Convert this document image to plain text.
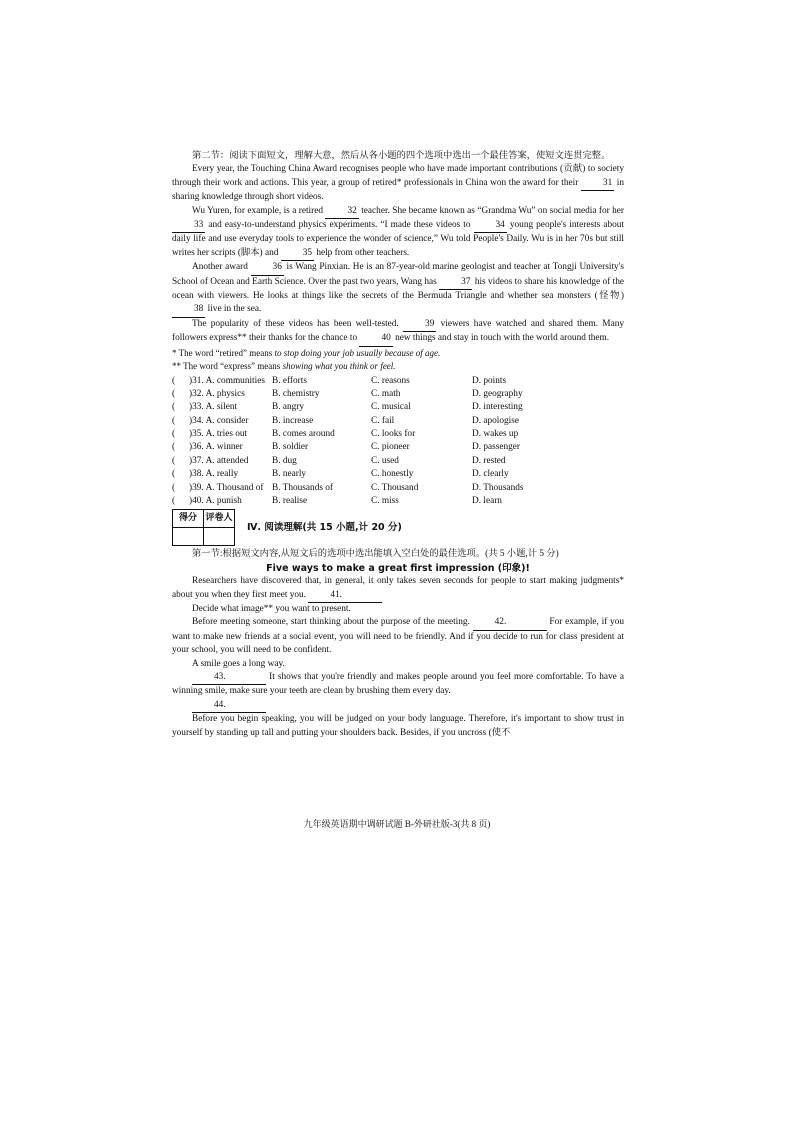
第二节：阅读下面短文，理解大意，然后从各小题的四个选项中选出一个最佳答案，使短文连贯完整。

Every year, the Touching China Award recognises people who have made important contributions (贡献) to society through their work and actions. This year, a group of retired* professionals in China won the award for their	31 in sharing knowledge through short videos.

Wu Yuren, for example, is a retired	32 teacher. She became known as “Grandma Wu” on social media for her 33 and easy-to-understand physics experiments. “I made these videos to	34 young people's interests about daily life and use everyday tools to experience the wonder of science,” Wu told People's Daily. Wu is in her 70s but still writes her scripts (脚本) and	35 help from other teachers.

Another award	36 is Wang Pinxian. He is an 87-year-old marine geologist and teacher at Tongji University's School of Ocean and Earth Science. Over the past two years, Wang has	37 his videos to share his knowledge of the ocean with viewers. He looks at things like the secrets of the Bermuda Triangle and whether sea monsters (怪物) 38 live in the sea.

The popularity of these videos has been well-tested.	39 viewers have watched and shared them. Many followers express** their thanks for the chance to	40 new things and stay in touch with the world around them.

* The word “retired” means to stop doing your job usually because of age.

** The word “express” means showing what you think or feel.

(      )31. A. communities B. efforts	C. reasons	D. points
(      )32. A. physics	B. chemistry	C. math	D. geography
(      )33. A. silent	B. angry	C. musical	D. interesting
(      )34. A. consider	B. increase	C. fail	D. apologise
(      )35. A. tries out	B. comes around	C. looks for	D. wakes up
(      )36. A. winner	B. soldier	C. pioneer	D. passenger
(      )37. A. attended	B. dug	C. used	D. rested
(      )38. A. really	B. nearly	C. honestly	D. clearly
(      )39. A. Thousand of B. Thousands of	C. Thousand	D. Thousands
(      )40. A. punish	B. realise	C. miss	D. learn
得分	评卷人

Ⅳ. 阅读理解(共 15 小题,计 20 分)

第一节:根据短文内容,从短文后的选项中选出能填入空白处的最佳选项。(共 5 小题,计 5 分)

Five ways to make a great first impression (印象)!

Researchers have discovered that, in general, it only takes seven seconds for people to start making judgments* about you when they first meet you.	41.

Decide what image** you want to present.

Before meeting someone, start thinking about the purpose of the meeting.	42.	For example, if you want to make new friends at a social event, you will need to be friendly. And if you decide to run for class president at your school, you will need to be confident.

A smile goes a long way.

43.	It shows that you're friendly and makes people around you feel more comfortable. To have a winning smile, make sure your teeth are clean by brushing them every day.

44.

Before you begin speaking, you will be judged on your body language. Therefore, it's important to show trust in yourself by standing up tall and putting your shoulders back. Besides, if you uncross (使不

九年级英语期中调研试题 B-外研社版-3(共 8 页)
